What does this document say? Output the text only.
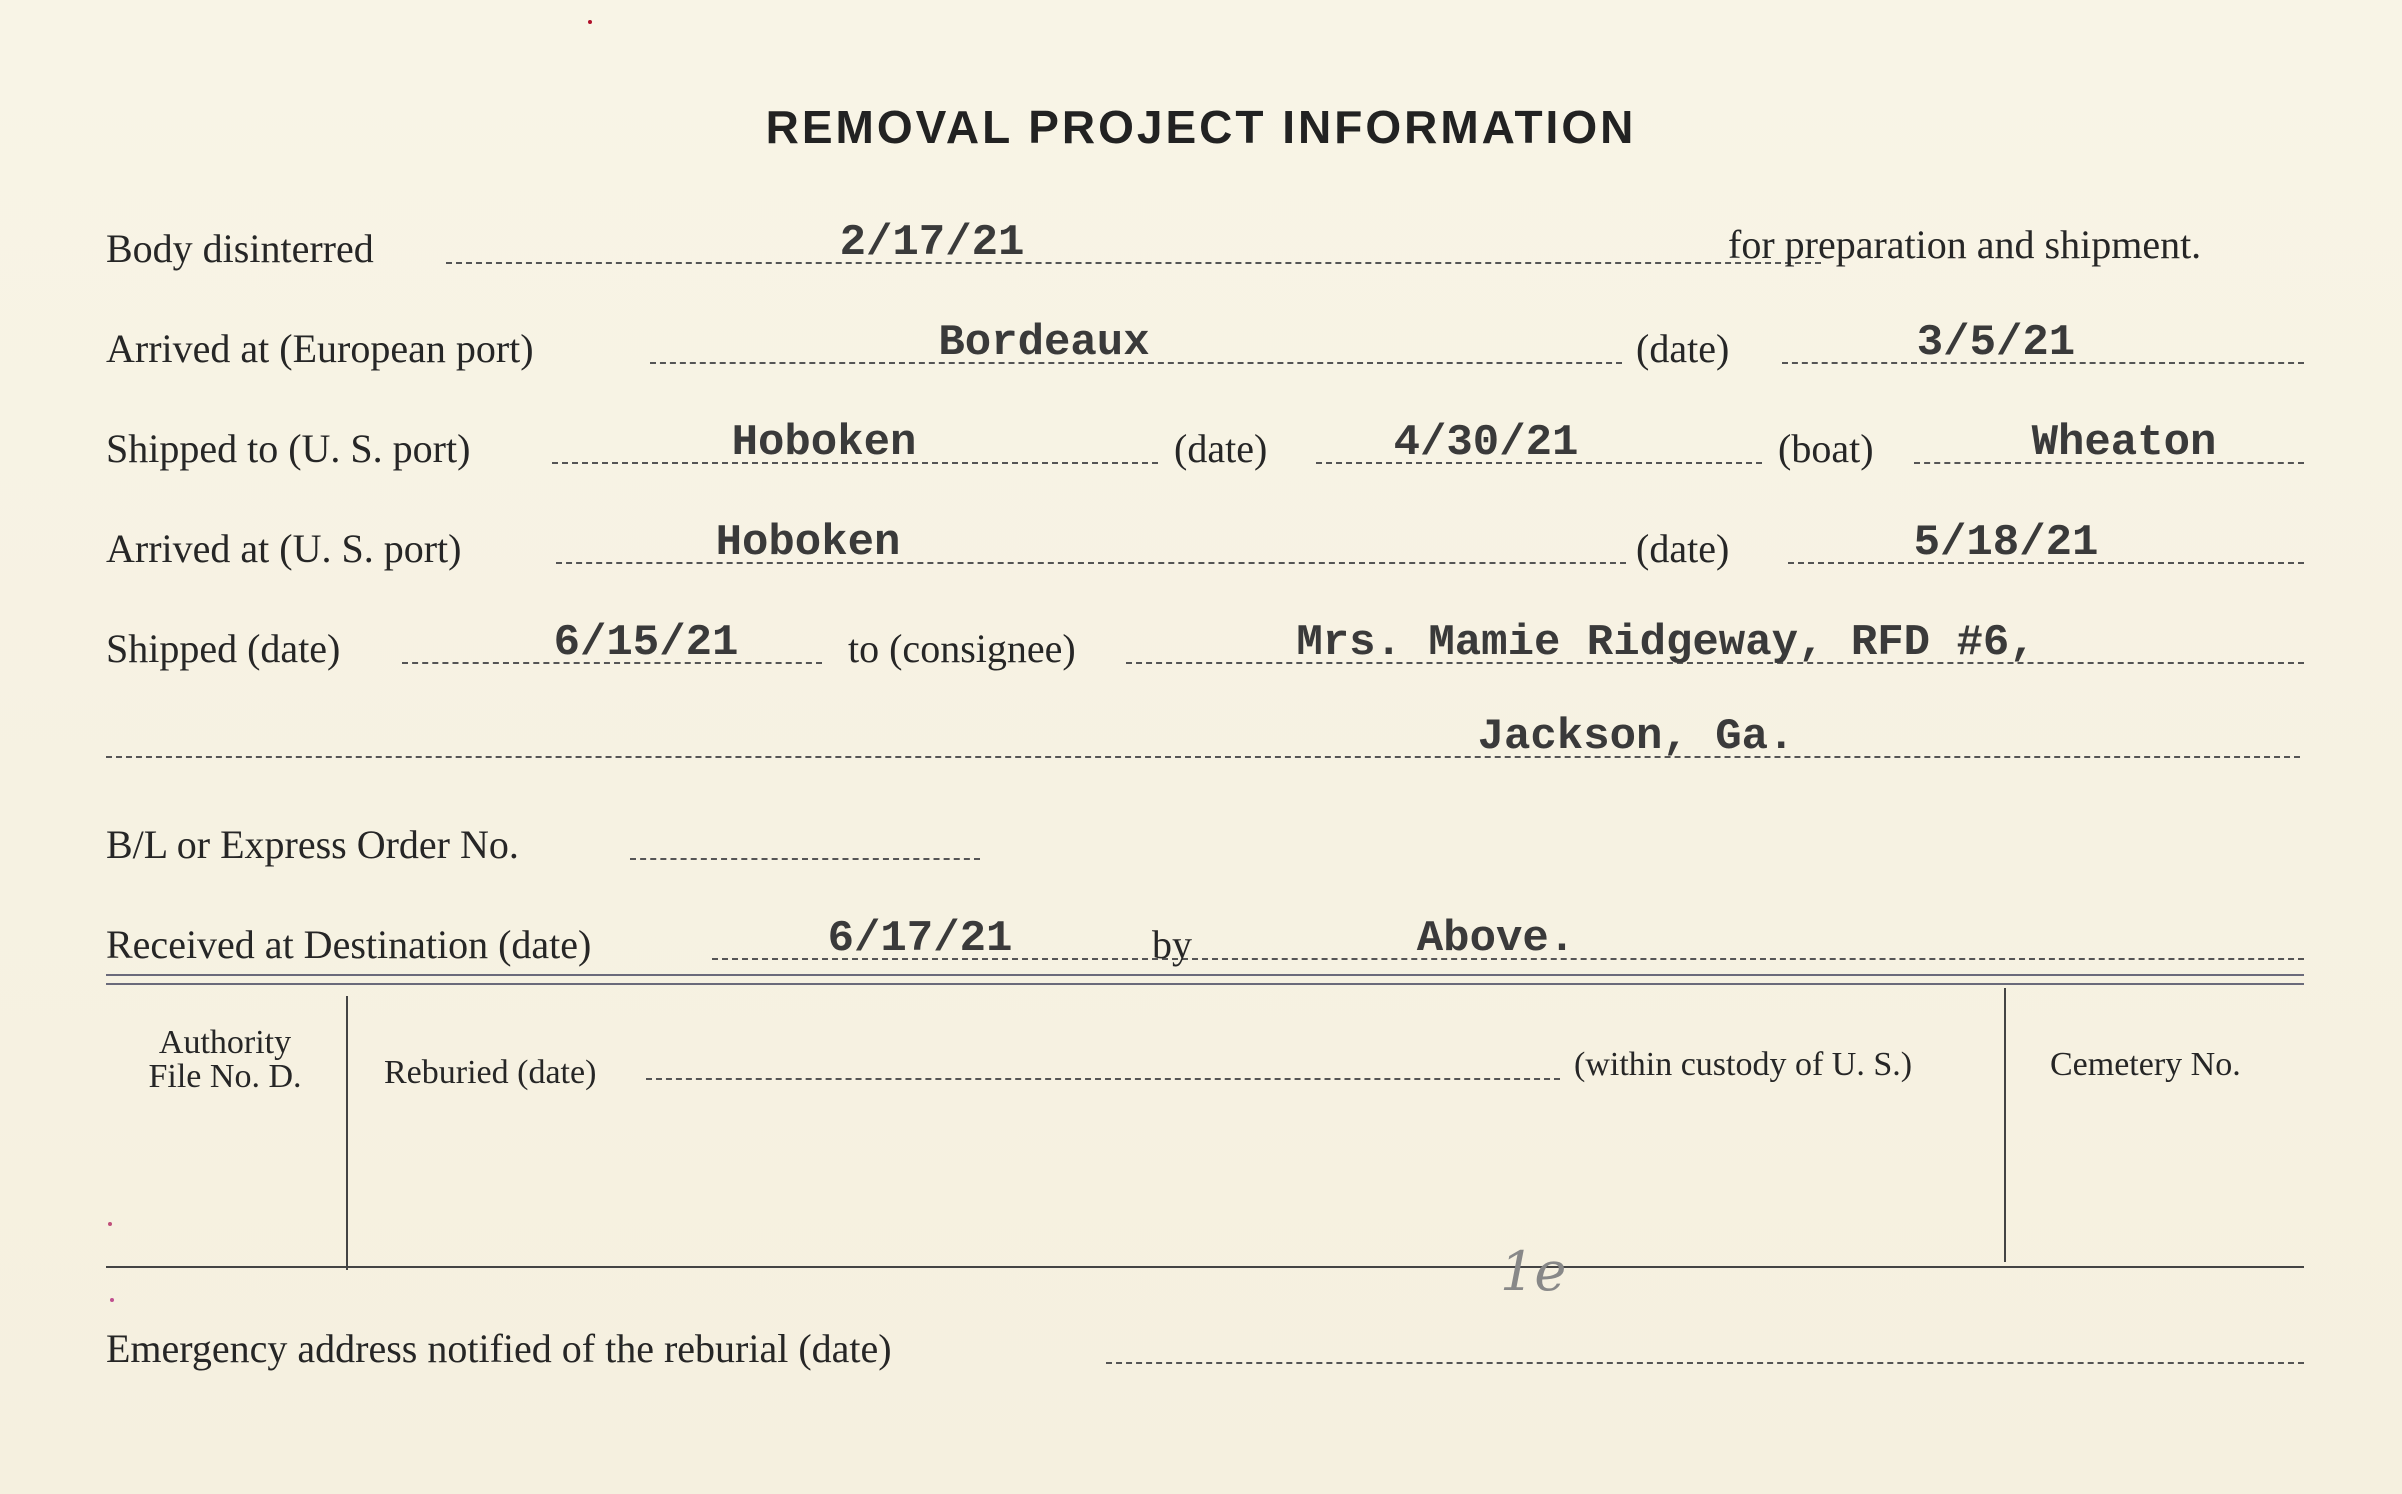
REMOVAL PROJECT INFORMATION
Body disinterred	2/17/21	for preparation and shipment.
Arrived at (European port)	Bordeaux	(date)	3/5/21
Shipped to (U. S. port)	Hoboken	(date)	4/30/21	(boat)	Wheaton
Arrived at (U. S. port)	Hoboken	(date)	5/18/21
Shipped (date)	6/15/21	to (consignee)	Mrs. Mamie Ridgeway, RFD #6,
Jackson, Ga.
B/L or Express Order No.
Received at Destination (date)	6/17/21	by	Above.
Authority
File No. D.	Reburied (date)	(within custody of U. S.)	Cemetery No.
1e
Emergency address notified of the reburial (date)
